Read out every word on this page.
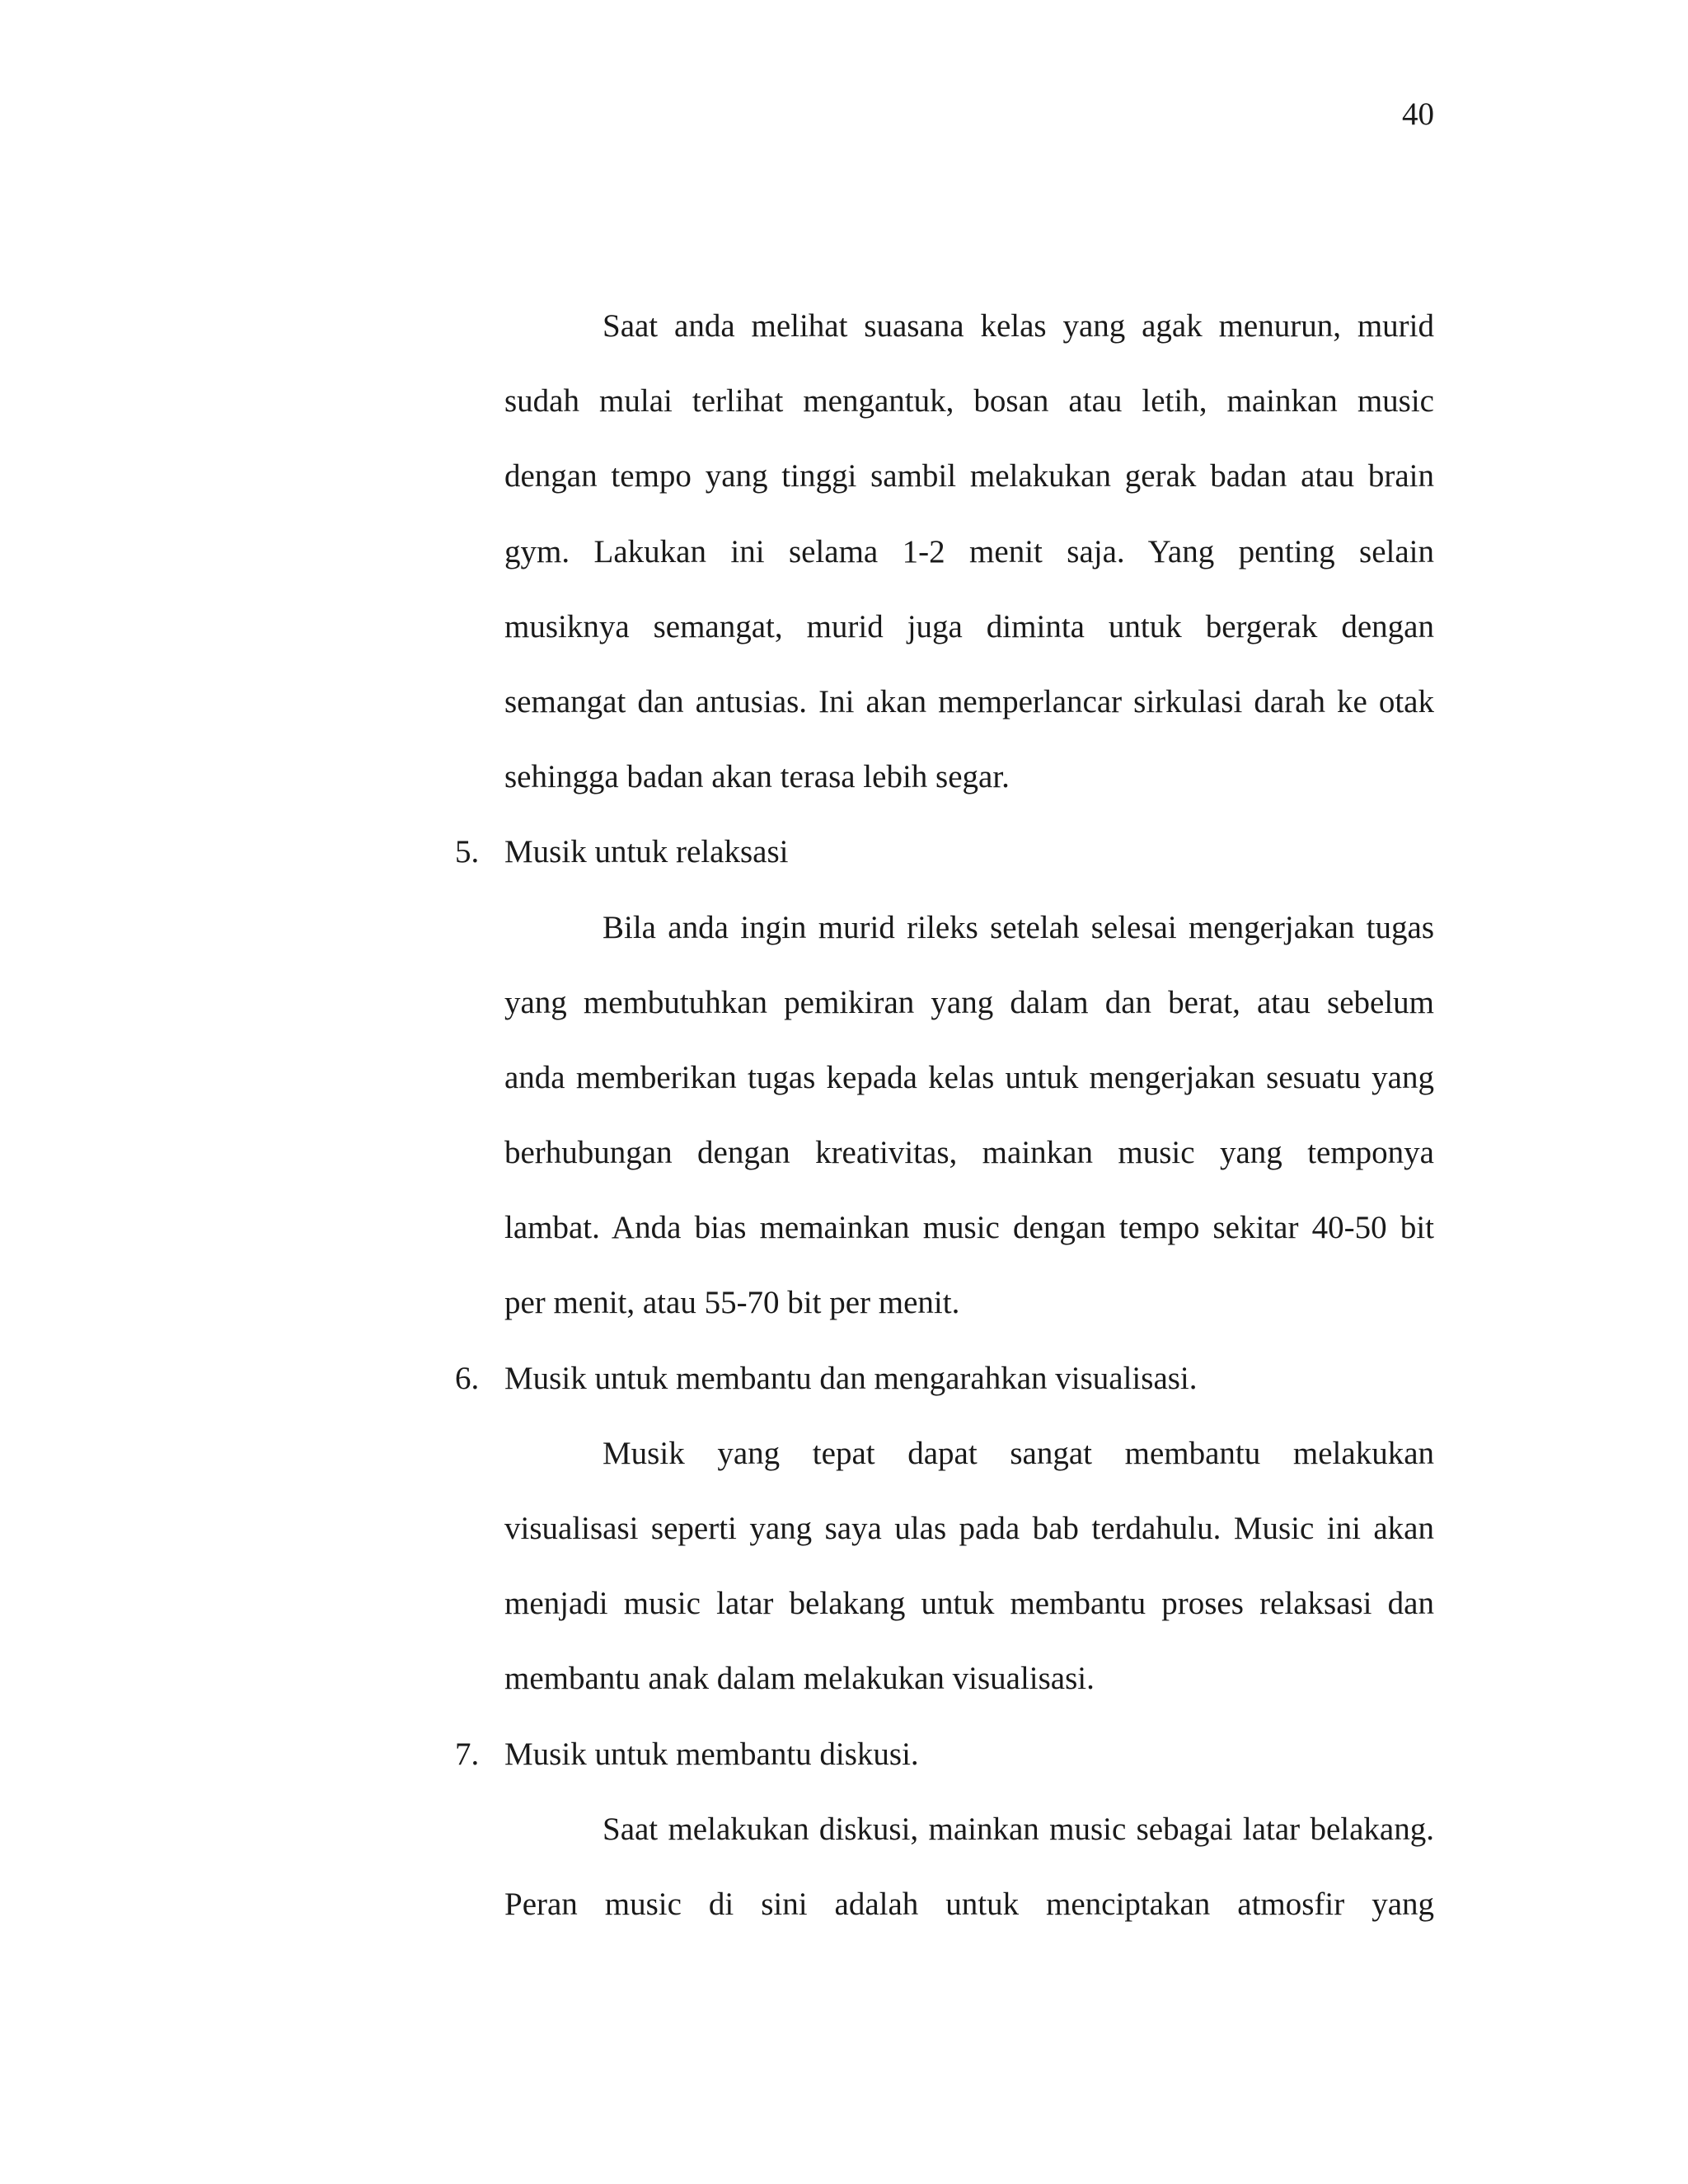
40
Saat anda melihat suasana kelas yang agak menurun, murid
sudah mulai terlihat mengantuk, bosan atau letih, mainkan music
dengan tempo yang tinggi sambil melakukan gerak badan atau brain
gym. Lakukan ini selama 1-2 menit saja. Yang penting selain
musiknya semangat, murid juga diminta untuk bergerak dengan
semangat dan antusias. Ini akan memperlancar sirkulasi darah ke otak
sehingga badan akan terasa lebih segar.
5. Musik untuk relaksasi
Bila anda ingin murid rileks setelah selesai mengerjakan tugas
yang membutuhkan pemikiran yang dalam dan berat, atau sebelum
anda memberikan tugas kepada kelas untuk mengerjakan sesuatu yang
berhubungan dengan kreativitas, mainkan music yang temponya
lambat. Anda bias memainkan music dengan tempo sekitar 40-50 bit
per menit, atau 55-70 bit per menit.
6. Musik untuk membantu dan mengarahkan visualisasi.
Musik yang tepat dapat sangat membantu melakukan
visualisasi seperti yang saya ulas pada bab terdahulu. Music ini akan
menjadi music latar belakang untuk membantu proses relaksasi dan
membantu anak dalam melakukan visualisasi.
7. Musik untuk membantu diskusi.
Saat melakukan diskusi, mainkan music sebagai latar belakang.
Peran music di sini adalah untuk menciptakan atmosfir yang
